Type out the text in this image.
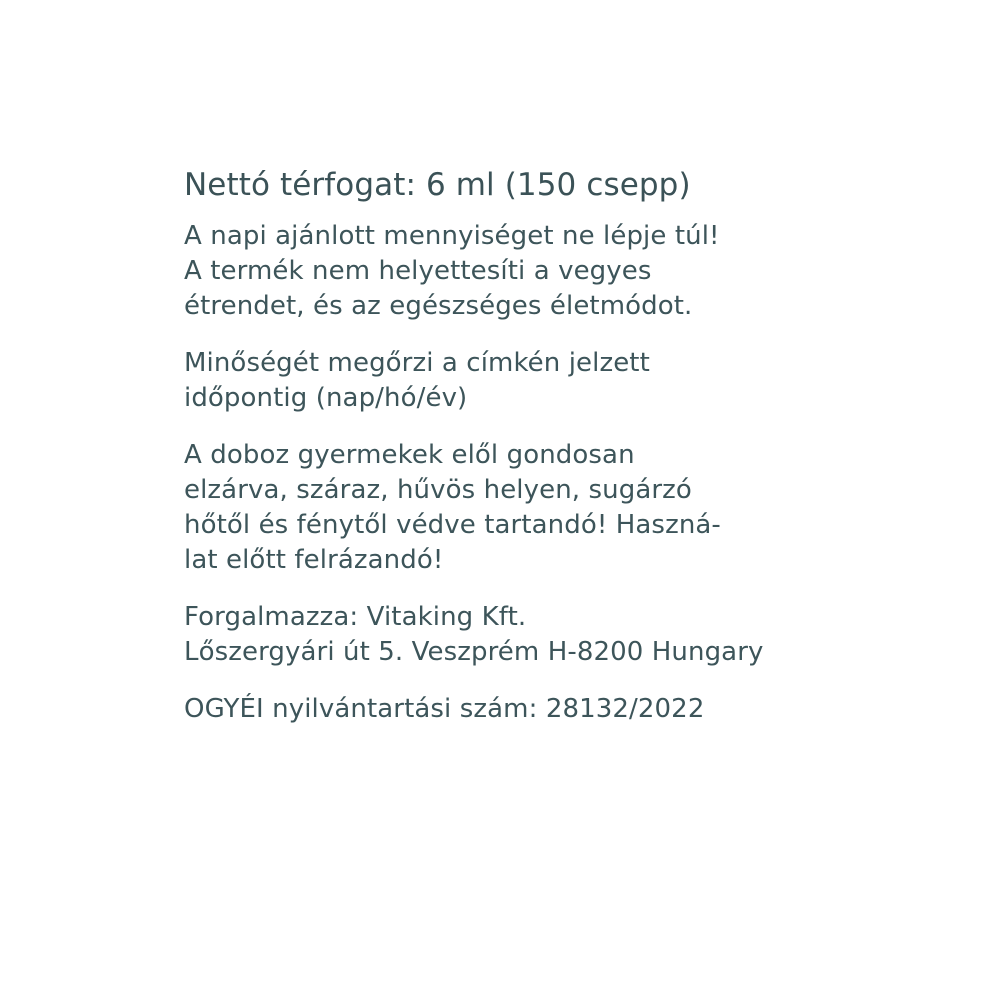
Nettó térfogat: 6 ml (150 csepp)
A napi ajánlott mennyiséget ne lépje túl!
A termék nem helyettesíti a vegyes
étrendet, és az egészséges életmódot.
Minőségét megőrzi a címkén jelzett
időpontig (nap/hó/év)
A doboz gyermekek elől gondosan
elzárva, száraz, hűvös helyen, sugárzó
hőtől és fénytől védve tartandó! Haszná-
lat előtt felrázandó!
Forgalmazza: Vitaking Kft.
Lőszergyári út 5. Veszprém H-8200 Hungary
OGYÉI nyilvántartási szám: 28132/2022
